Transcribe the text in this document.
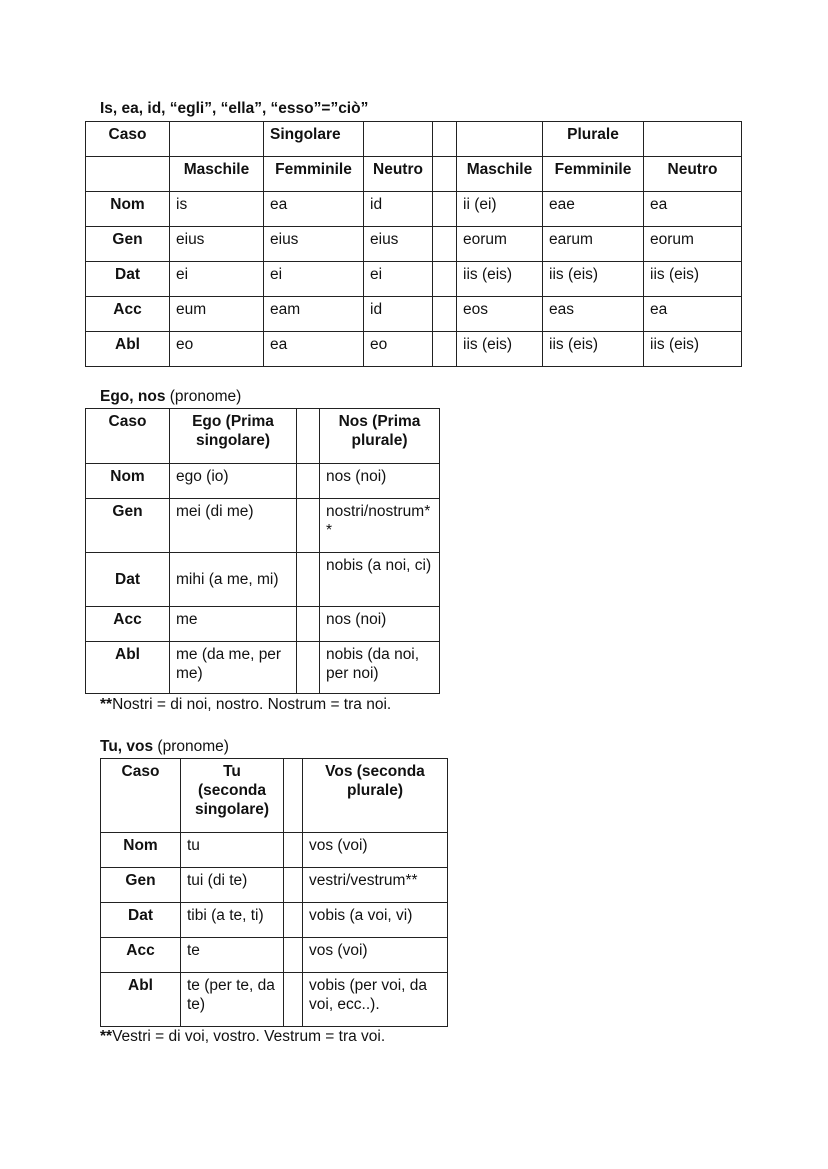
Is, ea, id, “egli”, “ella”, “esso”=”ciò”
Caso		Singolare				Plurale	
	Maschile	Femminile	Neutro		Maschile	Femminile	Neutro
Nom	is	ea	id		ii (ei)	eae	ea
Gen	eius	eius	eius		eorum	earum	eorum
Dat	ei	ei	ei		iis (eis)	iis (eis)	iis (eis)
Acc	eum	eam	id		eos	eas	ea
Abl	eo	ea	eo		iis (eis)	iis (eis)	iis (eis)
Ego, nos (pronome)
Caso	Ego (Prima singolare)		Nos (Prima plurale)
Nom	ego (io)		nos (noi)
Gen	mei (di me)		nostri/nostrum**
Dat	mihi (a me, mi)		nobis (a noi, ci)
Acc	me		nos (noi)
Abl	me (da me, per me)		nobis (da noi, per noi)
**Nostri = di noi, nostro. Nostrum = tra noi.
Tu, vos (pronome)
Caso	Tu (seconda singolare)		Vos (seconda plurale)
Nom	tu		vos (voi)
Gen	tui (di te)		vestri/vestrum**
Dat	tibi (a te, ti)		vobis (a voi, vi)
Acc	te		vos (voi)
Abl	te (per te, da te)		vobis (per voi, da voi, ecc..).
**Vestri = di voi, vostro. Vestrum = tra voi.
